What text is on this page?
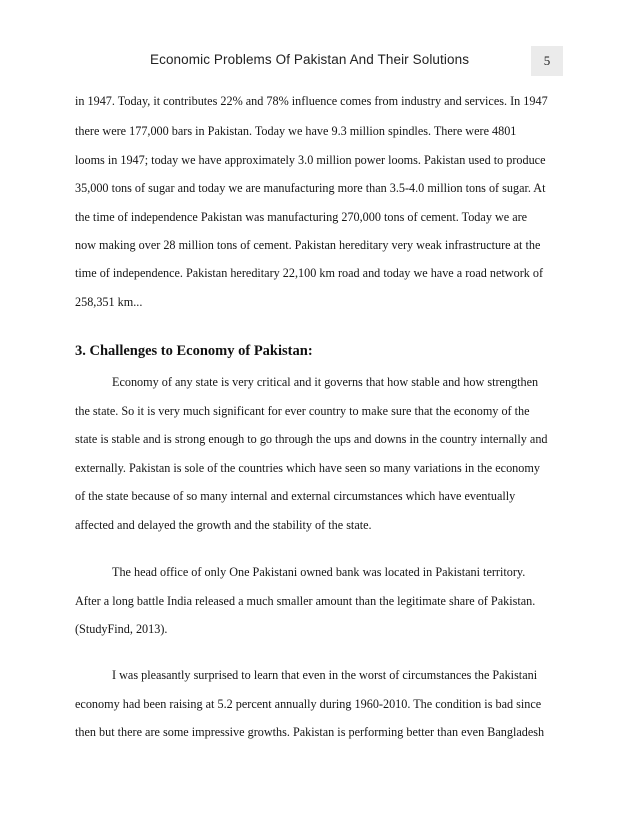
Economic Problems Of Pakistan And Their Solutions	5
in 1947. Today, it contributes 22% and 78% influence comes from industry and services. In 1947
there were 177,000 bars in Pakistan. Today we have 9.3 million spindles. There were 4801
looms in 1947; today we have approximately 3.0 million power looms. Pakistan used to produce
35,000 tons of sugar and today we are manufacturing more than 3.5-4.0 million tons of sugar. At
the time of independence Pakistan was manufacturing 270,000 tons of cement. Today we are
now making over 28 million tons of cement. Pakistan hereditary very weak infrastructure at the
time of independence. Pakistan hereditary 22,100 km road and today we have a road network of
258,351 km...
3. Challenges to Economy of Pakistan:
Economy of any state is very critical and it governs that how stable and how strengthen
the state. So it is very much significant for ever country to make sure that the economy of the
state is stable and is strong enough to go through the ups and downs in the country internally and
externally. Pakistan is sole of the countries which have seen so many variations in the economy
of the state because of so many internal and external circumstances which have eventually
affected and delayed the growth and the stability of the state.
The head office of only One Pakistani owned bank was located in Pakistani territory.
After a long battle India released a much smaller amount than the legitimate share of Pakistan.
(StudyFind, 2013).
I was pleasantly surprised to learn that even in the worst of circumstances the Pakistani
economy had been raising at 5.2 percent annually during 1960-2010. The condition is bad since
then but there are some impressive growths. Pakistan is performing better than even Bangladesh
